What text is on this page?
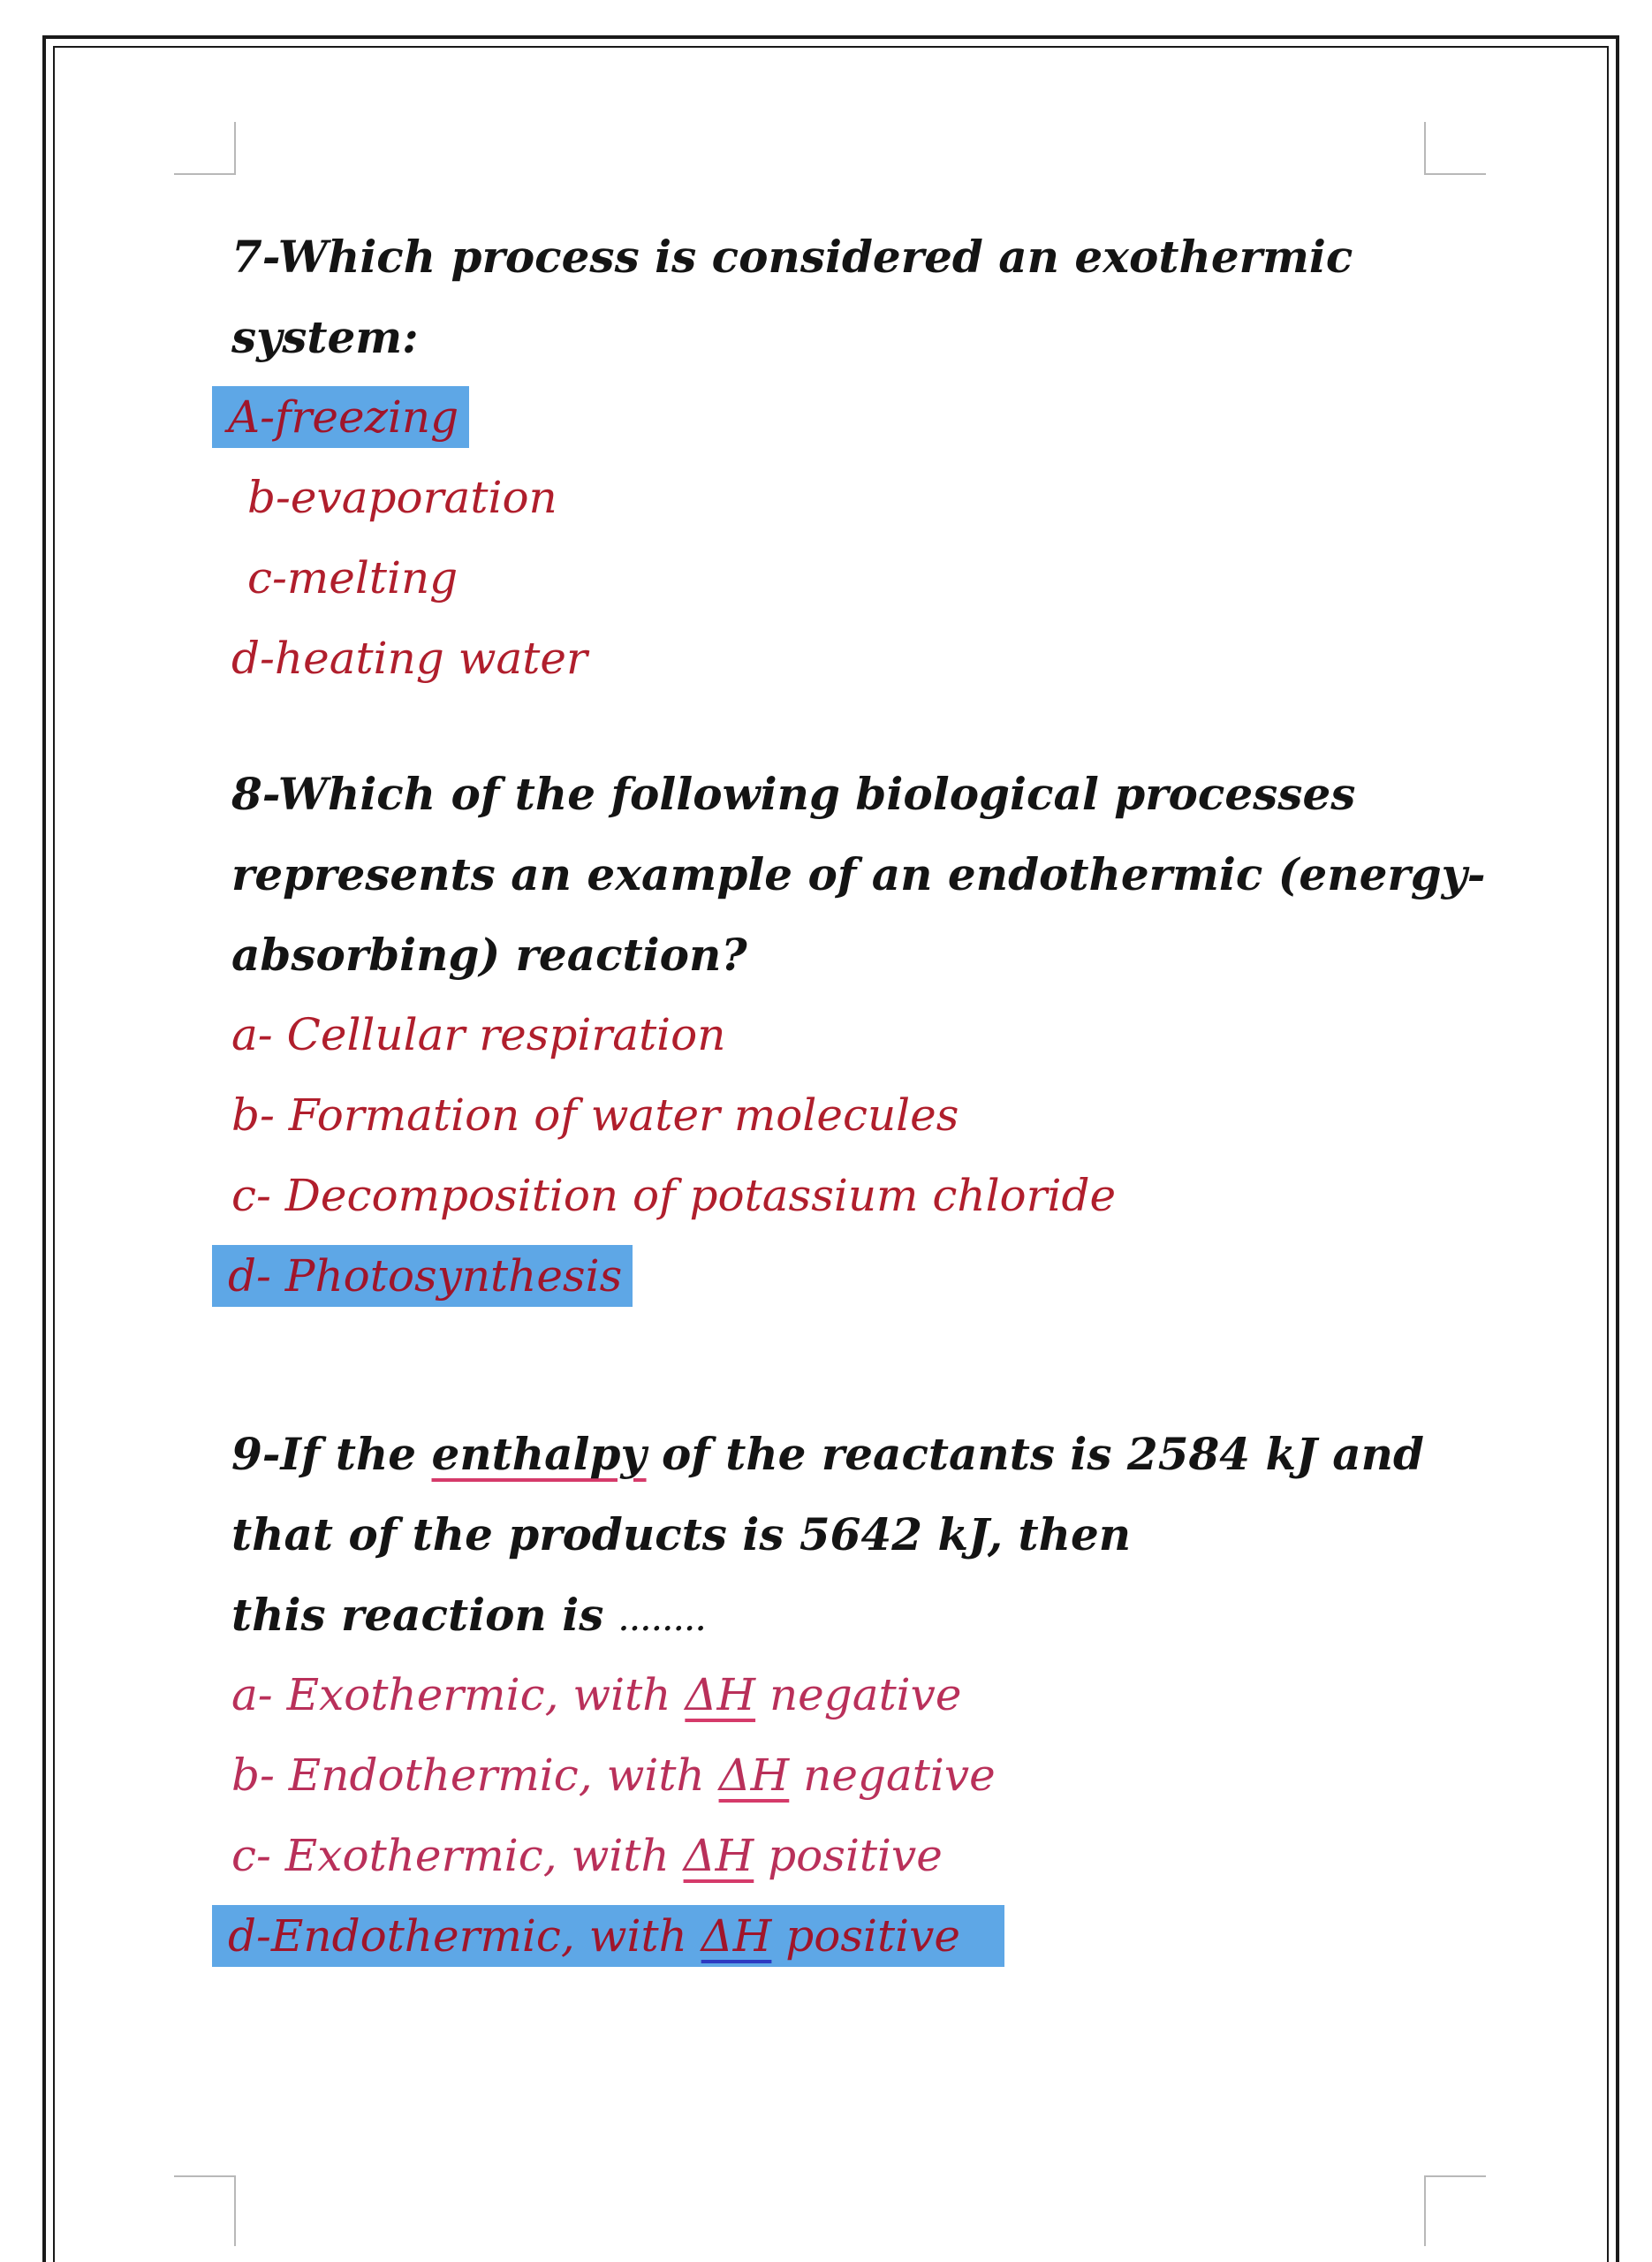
7-Which process is considered an exothermic
system:
A-freezing
b-evaporation
c-melting
d-heating water
8-Which of the following biological processes
represents an example of an endothermic (energy-
absorbing) reaction?
a- Cellular respiration
b- Formation of water molecules
c- Decomposition of potassium chloride
d- Photosynthesis
9-If the enthalpy of the reactants is 2584 kJ and
that of the products is 5642 kJ, then
this reaction is ........
a- Exothermic, with ΔH negative
b- Endothermic, with ΔH negative
c- Exothermic, with ΔH positive
d-Endothermic, with ΔH positive
